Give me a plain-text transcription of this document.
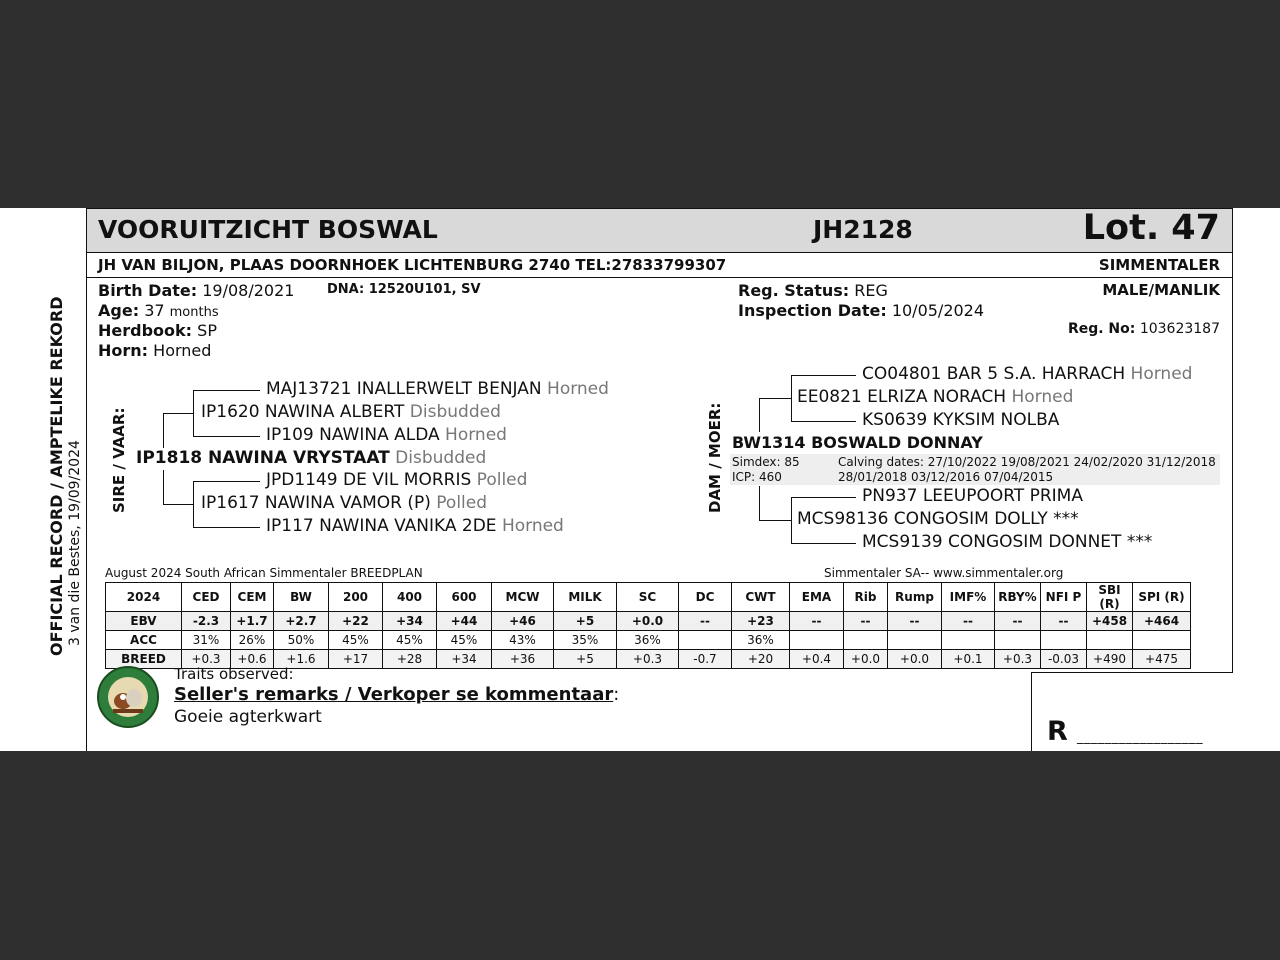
OFFICIAL RECORD / AMPTELIKE REKORD 3 van die Bestes, 19/09/2024
VOORUITZICHT BOSWAL	JH2128	Lot. 47
JH VAN BILJON, PLAAS DOORNHOEK LICHTENBURG 2740 TEL:27833799307	SIMMENTALER
Birth Date: 19/08/2021	DNA: 12520U101, SV
Age: 37 months
Herdbook: SP
Horn: Horned
Reg. Status: REG
Inspection Date: 10/05/2024
MALE/MANLIK
Reg. No: 103623187
SIRE / VAAR:
MAJ13721 INALLERWELT BENJAN Horned
IP1620 NAWINA ALBERT Disbudded
IP109 NAWINA ALDA Horned
IP1818 NAWINA VRYSTAAT Disbudded
JPD1149 DE VIL MORRIS Polled
IP1617 NAWINA VAMOR (P) Polled
IP117 NAWINA VANIKA 2DE Horned
DAM / MOER:
CO04801 BAR 5 S.A. HARRACH Horned
EE0821 ELRIZA NORACH Horned
KS0639 KYKSIM NOLBA
BW1314 BOSWALD DONNAY
Simdex: 85
ICP: 460
Calving dates: 27/10/2022 19/08/2021 24/02/2020 31/12/2018
28/01/2018 03/12/2016 07/04/2015
PN937 LEEUPOORT PRIMA
MCS98136 CONGOSIM DOLLY ***
MCS9139 CONGOSIM DONNET ***
August 2024 South African Simmentaler BREEDPLAN	Simmentaler SA-- www.simmentaler.org
2024	CED	CEM	BW	200	400	600	MCW	MILK	SC	DC	CWT	EMA	Rib	Rump	IMF%	RBY%	NFI P	SBI (R)	SPI (R)
EBV	-2.3	+1.7	+2.7	+22	+34	+44	+46	+5	+0.0	--	+23	--	--	--	--	--	--	+458	+464
ACC	31%	26%	50%	45%	45%	45%	43%	35%	36%		36%								
BREED	+0.3	+0.6	+1.6	+17	+28	+34	+36	+5	+0.3	-0.7	+20	+0.4	+0.0	+0.0	+0.1	+0.3	-0.03	+490	+475
Traits observed:
Seller's remarks / Verkoper se kommentaar:
Goeie agterkwart	R __________________
